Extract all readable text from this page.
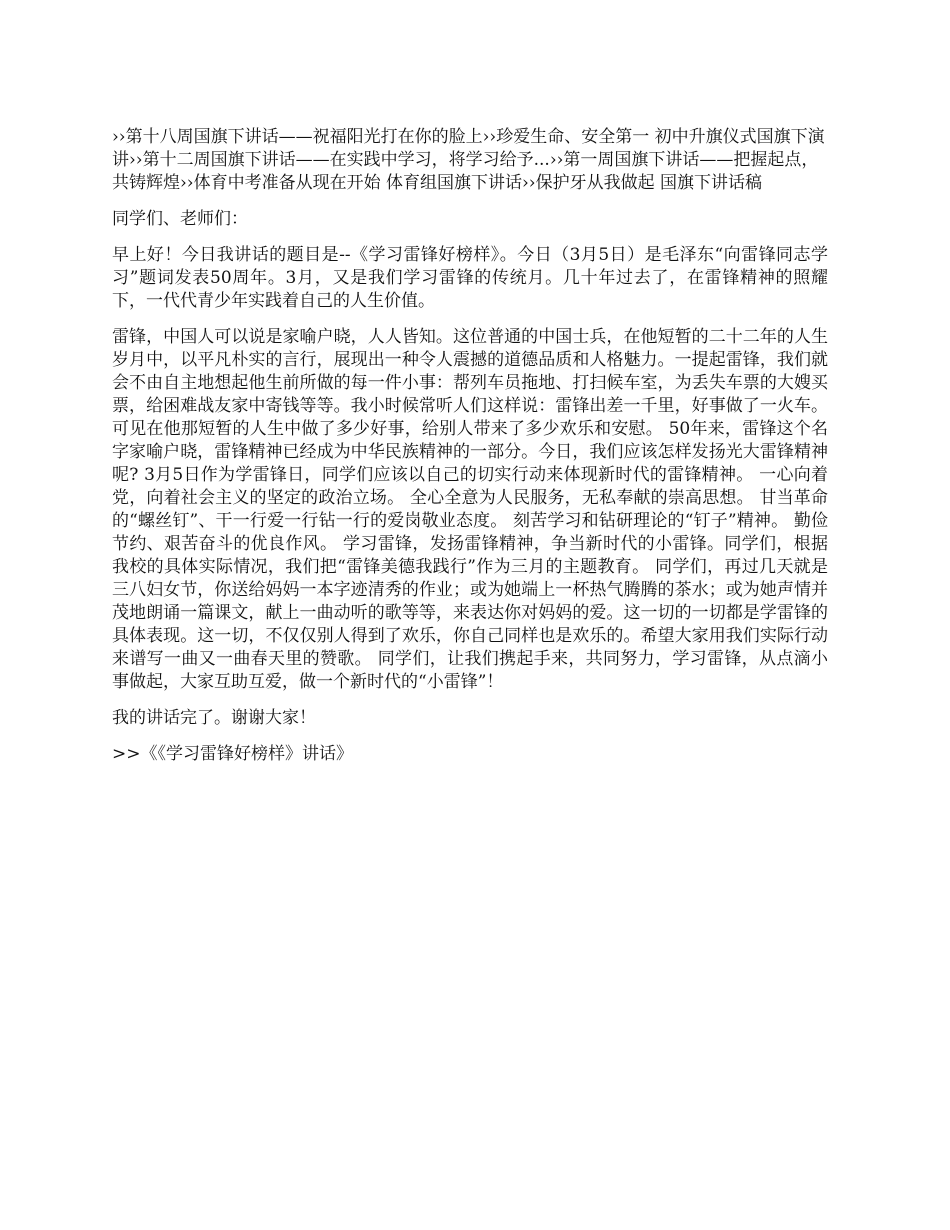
››第十八周国旗下讲话——祝福阳光打在你的脸上››珍爱生命、安全第一 初中升旗仪式国旗下演讲››第十二周国旗下讲话——在实践中学习，将学习给予...››第一周国旗下讲话——把握起点，共铸辉煌››体育中考准备从现在开始 体育组国旗下讲话››保护牙从我做起 国旗下讲话稿

同学们、老师们：

早上好！今日我讲话的题目是--《学习雷锋好榜样》。今日（3月5日）是毛泽东“向雷锋同志学习”题词发表50周年。3月，又是我们学习雷锋的传统月。几十年过去了，在雷锋精神的照耀下，一代代青少年实践着自己的人生价值。

雷锋，中国人可以说是家喻户晓，人人皆知。这位普通的中国士兵，在他短暂的二十二年的人生岁月中，以平凡朴实的言行，展现出一种令人震撼的道德品质和人格魅力。一提起雷锋，我们就会不由自主地想起他生前所做的每一件小事：帮列车员拖地、打扫候车室，为丢失车票的大嫂买票，给困难战友家中寄钱等等。我小时候常听人们这样说：雷锋出差一千里，好事做了一火车。可见在他那短暂的人生中做了多少好事，给别人带来了多少欢乐和安慰。 50年来，雷锋这个名字家喻户晓，雷锋精神已经成为中华民族精神的一部分。今日，我们应该怎样发扬光大雷锋精神呢? 3月5日作为学雷锋日，同学们应该以自己的切实行动来体现新时代的雷锋精神。 一心向着党，向着社会主义的坚定的政治立场。 全心全意为人民服务，无私奉献的崇高思想。 甘当革命的“螺丝钉”、干一行爱一行钻一行的爱岗敬业态度。 刻苦学习和钻研理论的“钉子”精神。 勤俭节约、艰苦奋斗的优良作风。 学习雷锋，发扬雷锋精神，争当新时代的小雷锋。同学们，根据我校的具体实际情况，我们把“雷锋美德我践行”作为三月的主题教育。 同学们，再过几天就是三八妇女节，你送给妈妈一本字迹清秀的作业；或为她端上一杯热气腾腾的茶水；或为她声情并茂地朗诵一篇课文，献上一曲动听的歌等等，来表达你对妈妈的爱。这一切的一切都是学雷锋的具体表现。这一切，不仅仅别人得到了欢乐，你自己同样也是欢乐的。希望大家用我们实际行动来谱写一曲又一曲春天里的赞歌。 同学们，让我们携起手来，共同努力，学习雷锋，从点滴小事做起，大家互助互爱，做一个新时代的“小雷锋”！

我的讲话完了。谢谢大家！

>>《《学习雷锋好榜样》讲话》
